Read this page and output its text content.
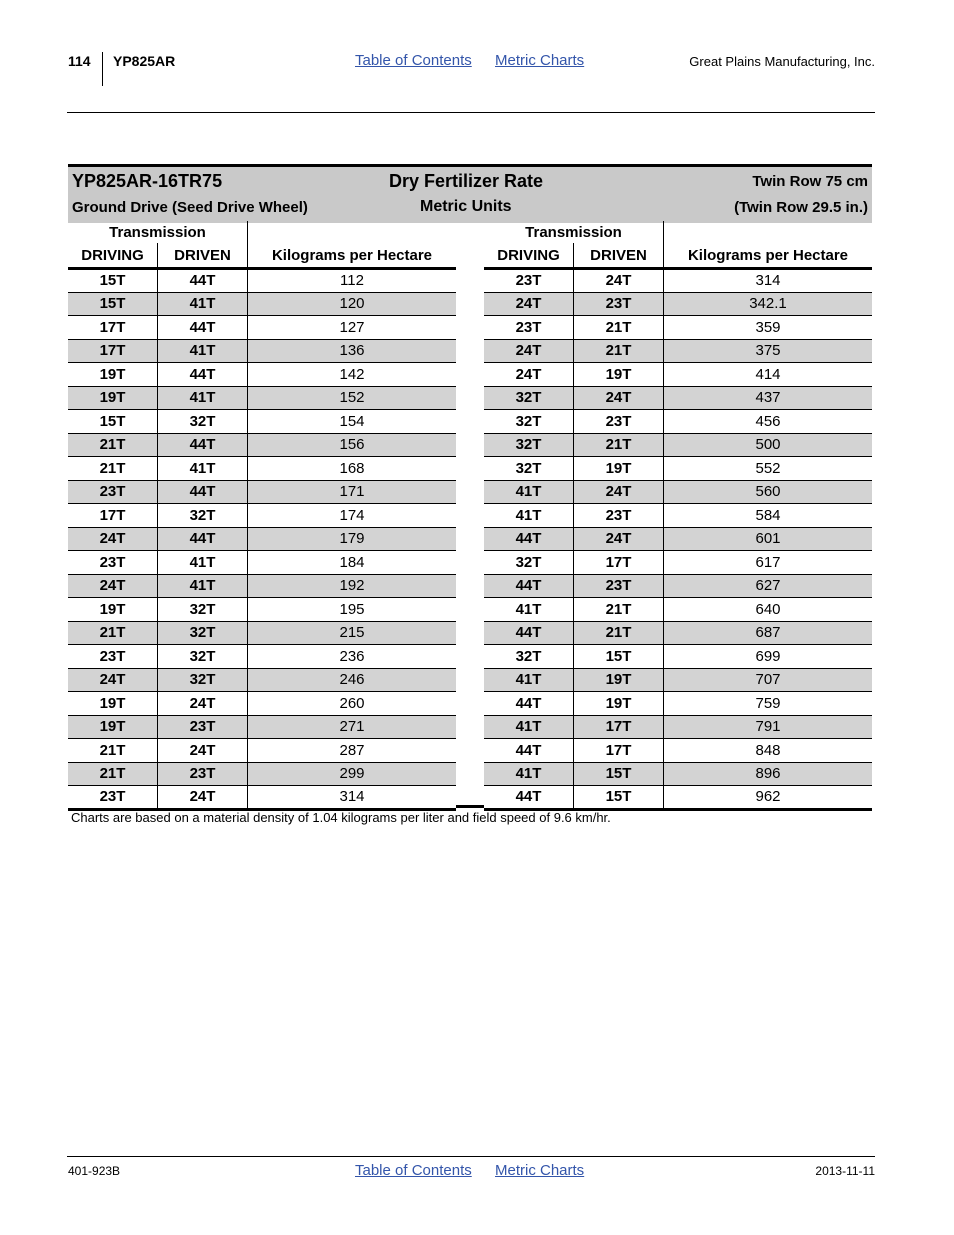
114 YP825AR	Table of Contents Metric Charts	Great Plains Manufacturing, Inc.
YP825AR-16TR75	Dry Fertilizer Rate	Twin Row 75 cm
Ground Drive (Seed Drive Wheel)	Metric Units	(Twin Row 29.5 in.)
Transmission		
DRIVING	DRIVEN	Kilograms per Hectare
15T	44T	112
15T	41T	120
17T	44T	127
17T	41T	136
19T	44T	142
19T	41T	152
15T	32T	154
21T	44T	156
21T	41T	168
23T	44T	171
17T	32T	174
24T	44T	179
23T	41T	184
24T	41T	192
19T	32T	195
21T	32T	215
23T	32T	236
24T	32T	246
19T	24T	260
19T	23T	271
21T	24T	287
21T	23T	299
23T	24T	314
Transmission		
DRIVING	DRIVEN	Kilograms per Hectare
23T	24T	314
24T	23T	342.1
23T	21T	359
24T	21T	375
24T	19T	414
32T	24T	437
32T	23T	456
32T	21T	500
32T	19T	552
41T	24T	560
41T	23T	584
44T	24T	601
32T	17T	617
44T	23T	627
41T	21T	640
44T	21T	687
32T	15T	699
41T	19T	707
44T	19T	759
41T	17T	791
44T	17T	848
41T	15T	896
44T	15T	962
Charts are based on a material density of 1.04 kilograms per liter and field speed of 9.6 km/hr.
401-923B	Table of Contents Metric Charts	2013-11-11
